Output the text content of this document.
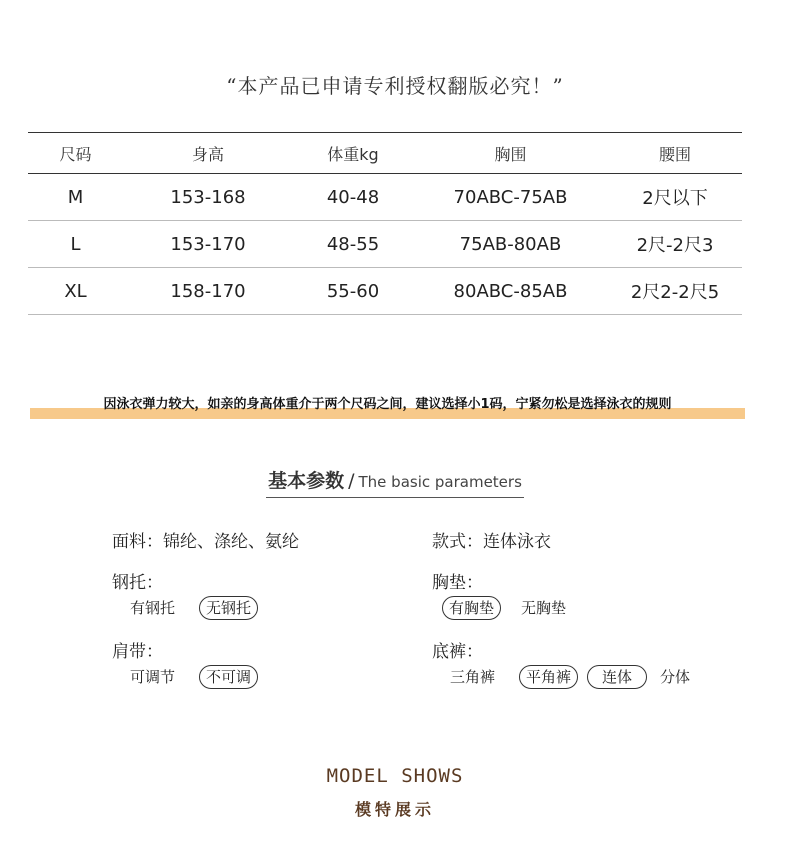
“本产品已申请专利授权翻版必究！”
尺码	身高	体重kg	胸围	腰围
M	153-168	40-48	70ABC-75AB	2尺以下
L	153-170	48-55	75AB-80AB	2尺-2尺3
XL	158-170	55-60	80ABC-85AB	2尺2-2尺5
因泳衣弹力较大，如亲的身高体重介于两个尺码之间，建议选择小1码，宁紧勿松是选择泳衣的规则
基本参数 / The basic parameters
面料：锦纶、涤纶、氨纶	款式：连体泳衣
钢托：
有钢托	无钢托
胸垫：
有胸垫	无胸垫
肩带：
可调节	不可调
底裤：
三角裤	平角裤	连体	分体
MODEL SHOWS
模特展示
